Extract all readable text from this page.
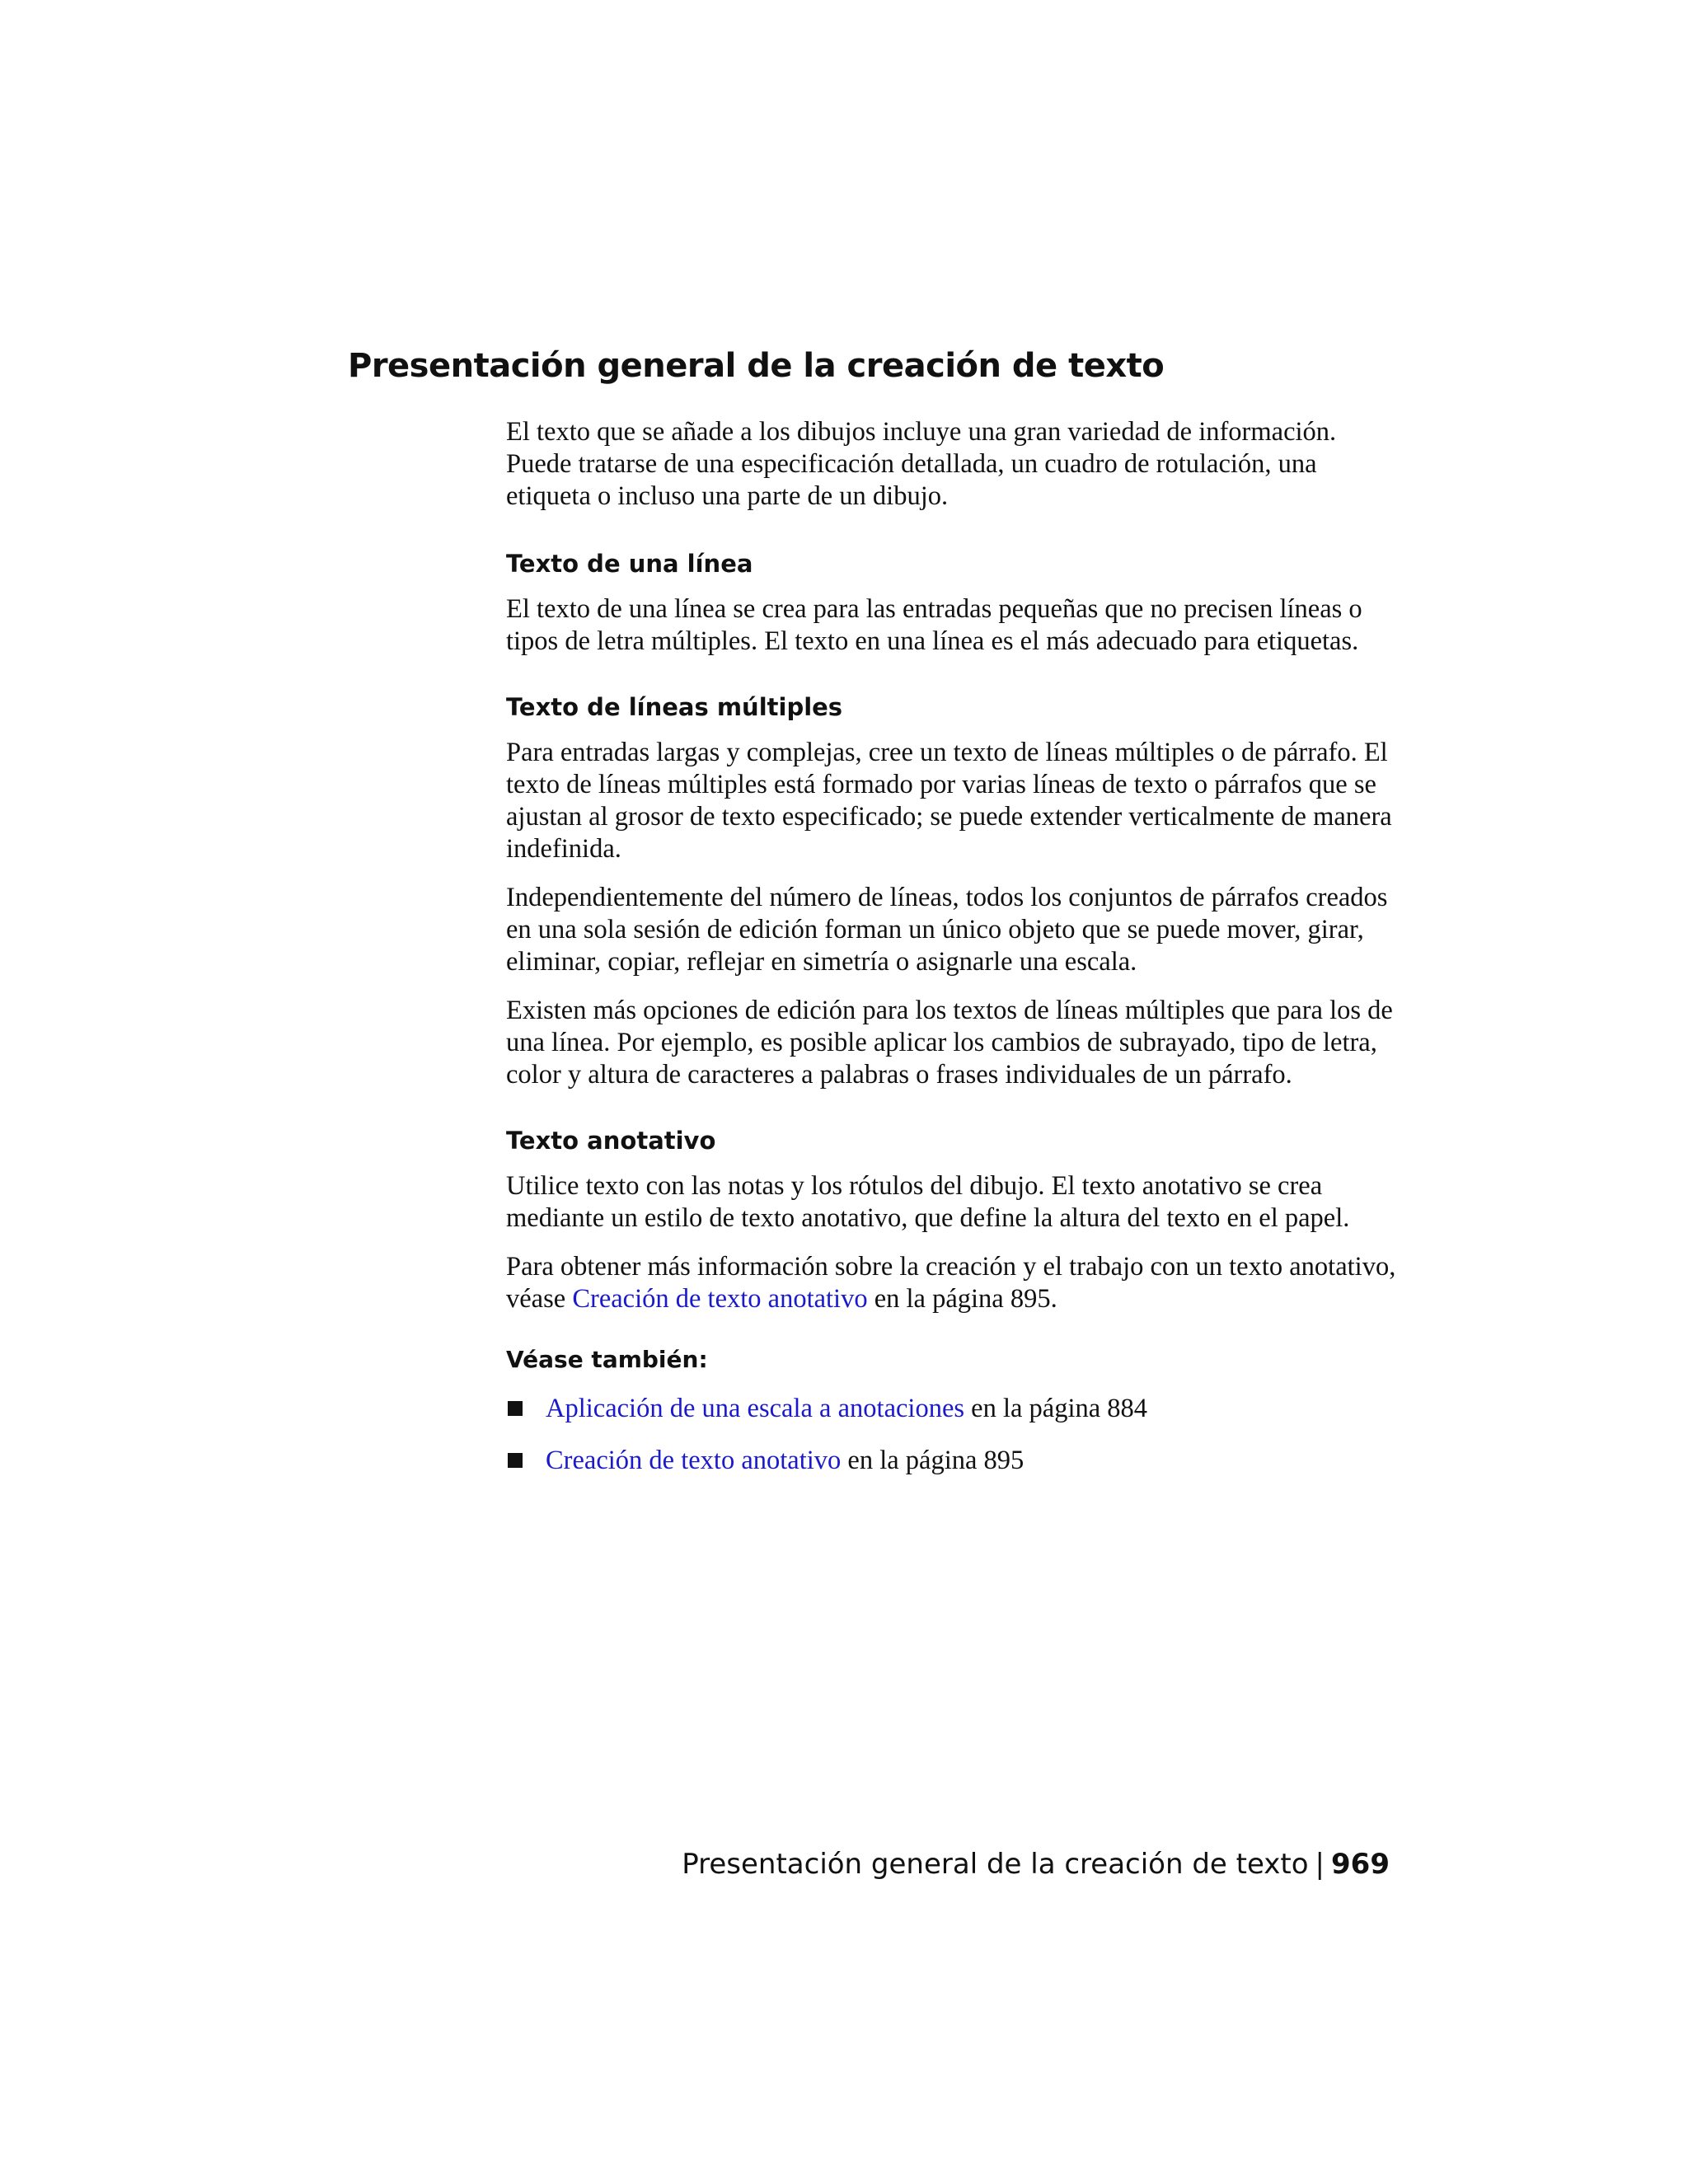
Presentación general de la creación de texto

El texto que se añade a los dibujos incluye una gran variedad de información. Puede tratarse de una especificación detallada, un cuadro de rotulación, una etiqueta o incluso una parte de un dibujo.

Texto de una línea

El texto de una línea se crea para las entradas pequeñas que no precisen líneas o tipos de letra múltiples. El texto en una línea es el más adecuado para etiquetas.

Texto de líneas múltiples

Para entradas largas y complejas, cree un texto de líneas múltiples o de párrafo. El texto de líneas múltiples está formado por varias líneas de texto o párrafos que se ajustan al grosor de texto especificado; se puede extender verticalmente de manera indefinida.

Independientemente del número de líneas, todos los conjuntos de párrafos creados en una sola sesión de edición forman un único objeto que se puede mover, girar, eliminar, copiar, reflejar en simetría o asignarle una escala.

Existen más opciones de edición para los textos de líneas múltiples que para los de una línea. Por ejemplo, es posible aplicar los cambios de subrayado, tipo de letra, color y altura de caracteres a palabras o frases individuales de un párrafo.

Texto anotativo

Utilice texto con las notas y los rótulos del dibujo. El texto anotativo se crea mediante un estilo de texto anotativo, que define la altura del texto en el papel.

Para obtener más información sobre la creación y el trabajo con un texto anotativo, véase Creación de texto anotativo en la página 895.

Véase también:
Aplicación de una escala a anotaciones en la página 884
Creación de texto anotativo en la página 895
Presentación general de la creación de texto | 969
